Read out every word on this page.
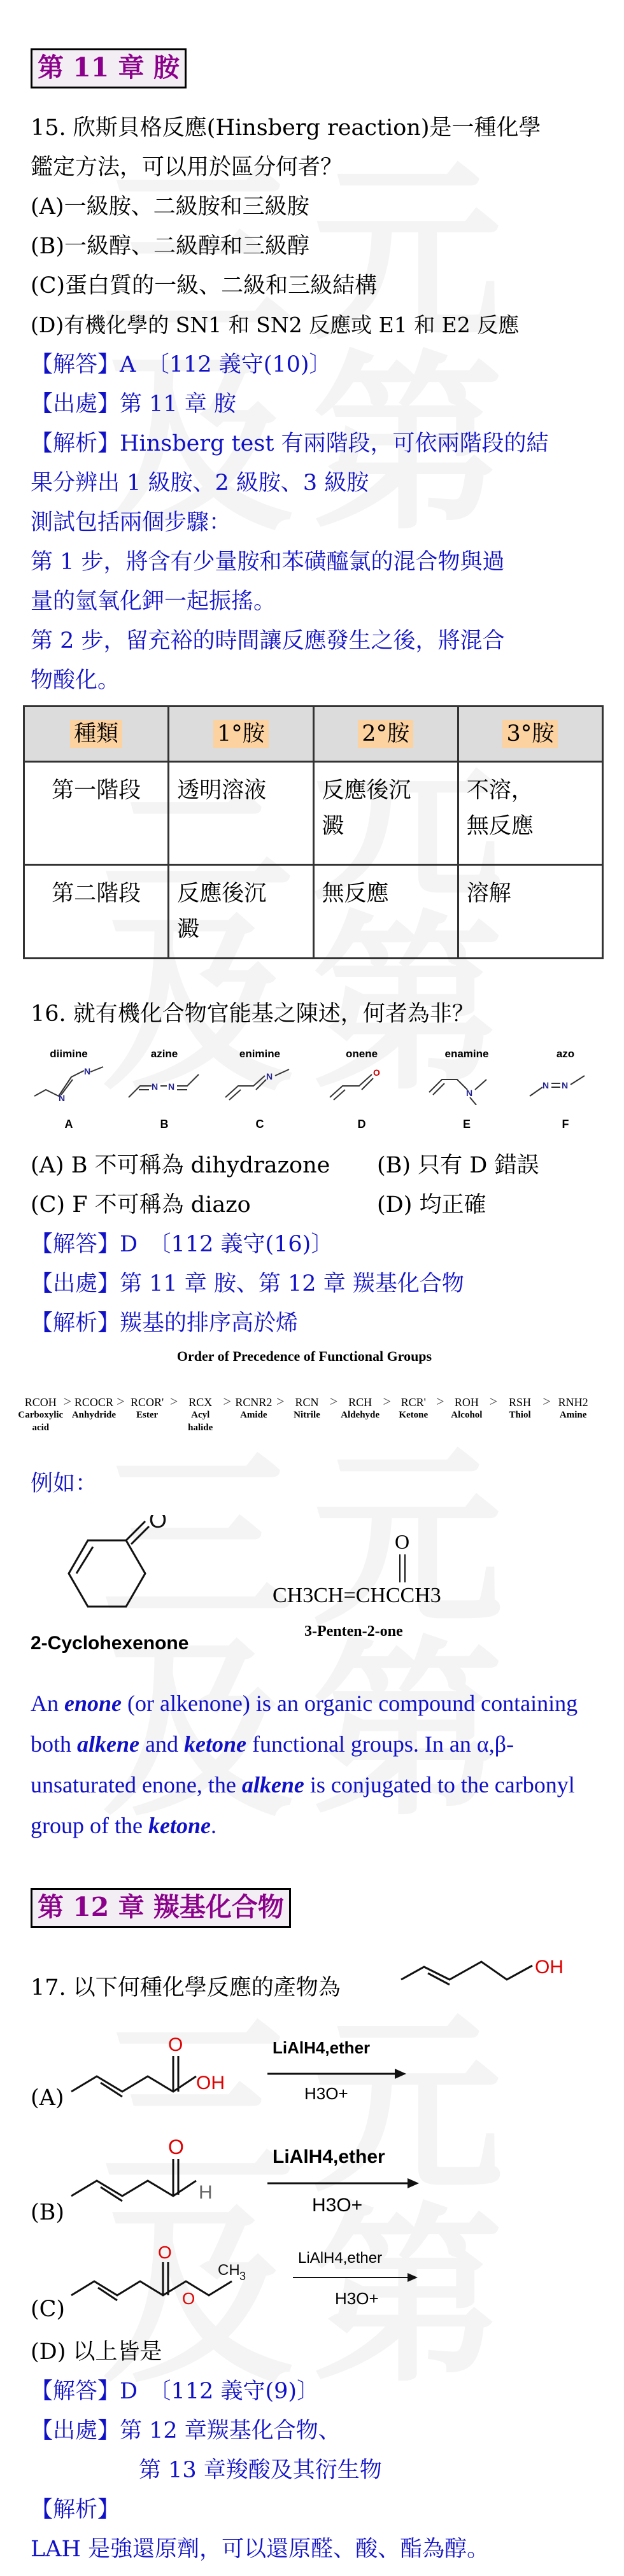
第 11 章 胺
15. 欣斯貝格反應(Hinsberg reaction)是一種化學
鑑定方法，可以用於區分何者？
(A)一級胺、二級胺和三級胺
(B)一級醇、二級醇和三級醇
(C)蛋白質的一級、二級和三級結構
(D)有機化學的 SN1 和 SN2 反應或 E1 和 E2 反應
【解答】A　〔112 義守(10)〕
【出處】第 11 章 胺
【解析】Hinsberg test 有兩階段，可依兩階段的結
果分辨出 1 級胺、2 級胺、3 級胺
測試包括兩個步驟：
第 1 步，將含有少量胺和苯磺醯氯的混合物與過
量的氫氧化鉀一起振搖。
第 2 步，留充裕的時間讓反應發生之後，將混合
物酸化。
種類	1°胺	2°胺	3°胺
第一階段	透明溶液	反應後沉
澱	不溶，
無反應
第二階段	反應後沉
澱	無反應	溶解
16. 就有機化合物官能基之陳述，何者為非？
diimine
N
N
A
azine
N N
B
enimine
N
C
onene
O
D
enamine
N
E
azo
N N
F
(A) B 不可稱為 dihydrazone (B) 只有 D 錯誤
(C) F 不可稱為 diazo	(D) 均正確
【解答】D　〔112 義守(16)〕
【出處】第 11 章 胺、第 12 章 羰基化合物
【解析】羰基的排序高於烯
Order of Precedence of Functional Groups
RCOH
Carboxylic
acid
> RCOCR
Anhydride
> RCOR'
Ester
> RCX
Acyl
halide
> RCNR2
Amide
> RCN
Nitrile
> RCH
Aldehyde
> RCR'
Ketone
> ROH
Alcohol
> RSH
Thiol
> RNH2
Amine
例如：
O
2-Cyclohexenone
O
CH3CH=CHCCH3
3-Penten-2-one
An enone (or alkenone) is an organic compound containing both alkene and ketone functional groups. In an α,β-unsaturated enone, the alkene is conjugated to the carbonyl group of the ketone.
第 12 章 羰基化合物
17. 以下何種化學反應的產物為
OH
(A)
O
OH
LiAlH4,ether
H3O+
(B)
O
H
LiAlH4,ether
H3O+
(C)
O
O
CH 3
LiAlH4,ether
H3O+
(D) 以上皆是
【解答】D　〔112 義守(9)〕
【出處】第 12 章羰基化合物、
第 13 章羧酸及其衍生物
【解析】
LAH 是強還原劑，可以還原醛、酸、酯為醇。
